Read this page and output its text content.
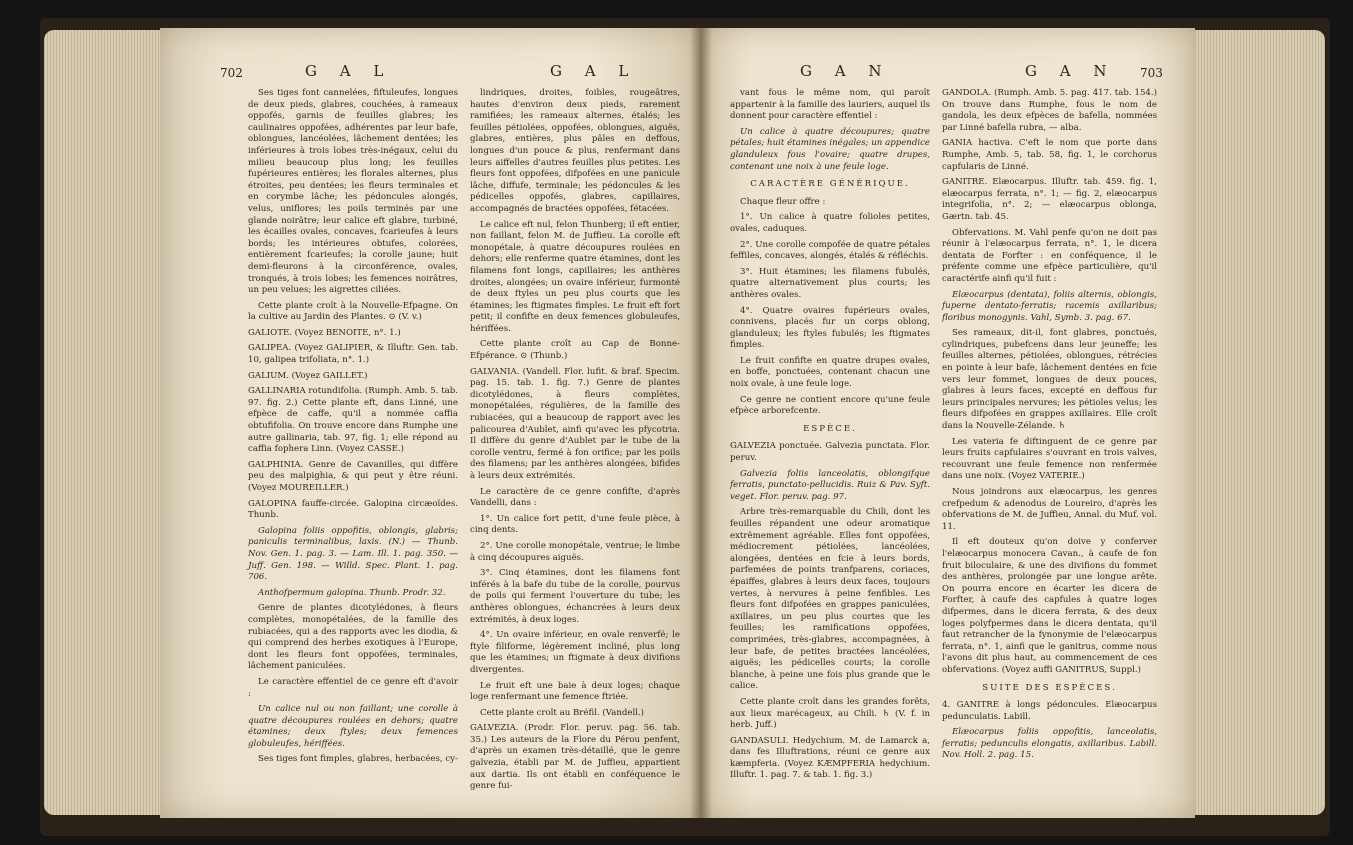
702	G A L	G A L

Ses tiges font cannelées, fiftuleufes, longues de deux pieds, glabres, couchées, à rameaux oppofés, garnis de feuilles glabres; les caulinaires oppofées, adhérentes par leur bafe, oblongues, lancéolées, lâchement dentées; les inférieures à trois lobes très-inégaux, celui du milieu beaucoup plus long; les feuilles fupérieures entières; les florales alternes, plus étroites, peu dentées; les fleurs terminales et en corymbe lâche; les pédoncules alongés, velus, uniflores; les poils terminés par une glande noirâtre; leur calice eft glabre, turbiné, les écailles ovales, concaves, fcarieufes à leurs bords; les intérieures obtufes, colorées, entièrement fcarieufes; la corolle jaune; huit demi-fleurons à la circonférence, ovales, tronqués, à trois lobes; les femences noirâtres, un peu velues; les aigrettes ciliées.

Cette plante croît à la Nouvelle-Efpagne. On la cultive au Jardin des Plantes. ⊙ (V. v.)

GALIOTE. (Voyez BENOITE, n°. 1.)

GALIPEA. (Voyez GALIPIER, & Illuftr. Gen. tab. 10, galipea trifoliata, n°. 1.)

GALIUM. (Voyez GAILLET.)

GALLINARIA rotundifolia. (Rumph. Amb. 5. tab. 97. fig. 2.) Cette plante eft, dans Linné, une efpèce de caffe, qu'il a nommée caffia obtufifolia. On trouve encore dans Rumphe une autre gallinaria, tab. 97, fig. 1; elle répond au caffia fophera Linn. (Voyez CASSE.)

GALPHINIA. Genre de Cavanilles, qui diffère peu des malpighia, & qui peut y être réuni. (Voyez MOUREILLER.)

GALOPINA fauffe-circée. Galopina circæoïdes. Thunb.

Galopina foliis oppofitis, oblongis, glabris; paniculis terminalibus, laxis. (N.) — Thunb. Nov. Gen. 1. pag. 3. — Lam. Ill. 1. pag. 350. — Juff. Gen. 198. — Willd. Spec. Plant. 1. pag. 706.

Anthofpermum galopina. Thunb. Prodr. 32.

Genre de plantes dicotylédones, à fleurs complètes, monopétalées, de la famille des rubiacées, qui a des rapports avec les diodia, & qui comprend des herbes exotiques à l'Europe, dont les fleurs font oppofées, terminales, lâchement paniculées.

Le caractère effentiel de ce genre eft d'avoir :

Un calice nul ou non faillant; une corolle à quatre découpures roulées en dehors; quatre étamines; deux ftyles; deux femences globuleufes, hériffées.

Ses tiges font fimples, glabres, herbacées, cy-

lindriques, droites, foibles, rougeâtres, hautes d'environ deux pieds, rarement ramifiées; les rameaux alternes, étalés; les feuilles pétiolées, oppofées, oblongues, aiguës, glabres, entières, plus pâles en deffous, longues d'un pouce & plus, renfermant dans leurs aiffelles d'autres feuilles plus petites. Les fleurs font oppofées, difpofées en une panicule lâche, diffufe, terminale; les pédoncules & les pédicelles oppofés, glabres, capillaires, accompagnés de bractées oppofées, fétacées.

Le calice eft nul, felon Thunberg; il eft entier, non faillant, felon M. de Juffieu. La corolle eft monopétale, à quatre découpures roulées en dehors; elle renferme quatre étamines, dont les filamens font longs, capillaires; les anthères droites, alongées; un ovaire inférieur, furmonté de deux ftyles un peu plus courts que les étamines; les ftigmates fimples. Le fruit eft fort petit; il confifte en deux femences globuleufes, hériffées.

Cette plante croît au Cap de Bonne-Efpérance. ⊙ (Thunb.)

GALVANIA. (Vandell. Flor. lufit. & braf. Specim. pag. 15. tab. 1. fig. 7.) Genre de plantes dicotylédones, à fleurs complètes, monopétalées, régulières, de la famille des rubiacées, qui a beaucoup de rapport avec les palicourea d'Aublet, ainfi qu'avec les pfycotria. Il diffère du genre d'Aublet par le tube de la corolle ventru, fermé à fon orifice; par les poils des filamens; par les anthères alongées, bifides à leurs deux extrémités.

Le caractère de ce genre confifte, d'après Vandelli, dans :

1°. Un calice fort petit, d'une feule pièce, à cinq dents.

2°. Une corolle monopétale, ventrue; le limbe à cinq découpures aiguës.

3°. Cinq étamines, dont les filamens font inférés à la bafe du tube de la corolle, pourvus de poils qui ferment l'ouverture du tube; les anthères oblongues, échancrées à leurs deux extrémités, à deux loges.

4°. Un ovaire inférieur, en ovale renverfé; le ftyle filiforme, légèrement incliné, plus long que les étamines; un ftigmate à deux divifions divergentes.

Le fruit eft une baie à deux loges; chaque loge renfermant une femence ftriée.

Cette plante croît au Bréfil. (Vandell.)

GALVEZIA. (Prodr. Flor. peruv. pag. 56. tab. 35.) Les auteurs de la Flore du Pérou penfent, d'après un examen très-détaillé, que le genre galvezia, établi par M. de Juffieu, appartient aux dartia. Ils ont établi en conféquence le genre fui-

G A N	G A N 703

vant fous le même nom, qui paroît appartenir à la famille des lauriers, auquel ils donnent pour caractère effentiel :

Un calice à quatre découpures; quatre pétales; huit étamines inégales; un appendice glanduleux fous l'ovaire; quatre drupes, contenant une noix à une feule loge.

CARACTÈRE GÉNÉRIQUE.

Chaque fleur offre :

1°. Un calice à quatre folioles petites, ovales, caduques.

2°. Une corolle compofée de quatre pétales feffiles, concaves, alongés, étalés & réfléchis.

3°. Huit étamines; les filamens fubulés, quatre alternativement plus courts; les anthères ovales.

4°. Quatre ovaires fupérieurs ovales, connivens, placés fur un corps oblong, glanduleux; les ftyles fubulés; les ftigmates fimples.

Le fruit confifte en quatre drupes ovales, en boffe, ponctuées, contenant chacun une noix ovale, à une feule loge.

Ce genre ne contient encore qu'une feule efpèce arborefcente.

ESPÈCE.

GALVEZIA ponctuée. Galvezia punctata. Flor. peruv.

Galvezia foliis lanceolatis, oblongifque ferratis, punctato-pellucidis. Ruiz & Pav. Syft. veget. Flor. peruv. pag. 97.

Arbre très-remarquable du Chili, dont les feuilles répandent une odeur aromatique extrêmement agréable. Elles font oppofées, médiocrement pétiolées, lancéolées, alongées, dentées en fcie à leurs bords, parfemées de points tranfparens, coriaces, épaiffes, glabres à leurs deux faces, toujours vertes, à nervures à peine fenfibles. Les fleurs font difpofées en grappes paniculées, axillaires, un peu plus courtes que les feuilles; les ramifications oppofées, comprimées, très-glabres, accompagnées, à leur bafe, de petites bractées lancéolées, aiguës; les pédicelles courts; la corolle blanche, à peine une fois plus grande que le calice.

Cette plante croît dans les grandes forêts, aux lieux marécageux, au Chili. ♄ (V. f. in herb. Juff.)

GANDASULI. Hedychium. M. de Lamarck a, dans fes Illuftrations, réuni ce genre aux kæmpferia. (Voyez KÆMPFERIA hedychium. Illuftr. 1. pag. 7. & tab. 1. fig. 3.)

GANDOLA. (Rumph. Amb. 5. pag. 417. tab. 154.) On trouve dans Rumphe, fous le nom de gandola, les deux efpèces de bafella, nommées par Linné bafella rubra, — alba.

GANIA hactiva. C'eft le nom que porte dans Rumphe, Amb. 5, tab. 58, fig. 1, le corchorus capfularis de Linné.

GANITRE. Elæocarpus. Illuftr. tab. 459. fig. 1, elæocarpus ferrata, n°. 1; — fig. 2, elæocarpus integrifolia, n°. 2; — elæocarpus oblonga, Gærtn. tab. 45.

Obfervations. M. Vahl penfe qu'on ne doit pas réunir à l'elæocarpus ferrata, n°. 1, le dicera dentata de Forfter : en conféquence, il le préfente comme une efpèce particulière, qu'il caractérife ainfi qu'il fuit :

Elæocarpus (dentata), foliis alternis, oblongis, fuperne dentato-ferratis; racemis axillaribus; floribus monogynis. Vahl, Symb. 3. pag. 67.

Ses rameaux, dit-il, font glabres, ponctués, cylindriques, pubefcens dans leur jeuneffe; les feuilles alternes, pétiolées, oblongues, rétrécies en pointe à leur bafe, lâchement dentées en fcie vers leur fommet, longues de deux pouces, glabres à leurs faces, excepté en deffous fur leurs principales nervures; les pétioles velus; les fleurs difpofées en grappes axillaires. Elle croît dans la Nouvelle-Zélande. ♄

Les vateria fe diftinguent de ce genre par leurs fruits capfulaires s'ouvrant en trois valves, recouvrant une feule femence non renfermée dans une noix. (Voyez VATERIE.)

Nous joindrons aux elæocarpus, les genres crefpedum & adenodus de Loureiro, d'après les obfervations de M. de Juffieu, Annal. du Muf. vol. 11.

Il eft douteux qu'on doive y conferver l'elæocarpus monocera Cavan., à caufe de fon fruit biloculaire, & une des divifions du fommet des anthères, prolongée par une longue arête. On pourra encore en écarter les dicera de Forfter, à caufe des capfules à quatre loges difpermes, dans le dicera ferrata, & des deux loges polyfpermes dans le dicera dentata, qu'il faut retrancher de la fynonymie de l'elæocarpus ferrata, n°. 1, ainfi que le ganitrus, comme nous l'avons dit plus haut, au commencement de ces obfervations. (Voyez auffi GANITRUS, Suppl.)

SUITE DES ESPÈCES.

4. GANITRE à longs pédoncules. Elæocarpus pedunculatis. Labill.

Elæocarpus foliis oppofitis, lanceolatis, ferratis; pedunculis elongatis, axillaribus. Labill. Nov. Holl. 2. pag. 15.
